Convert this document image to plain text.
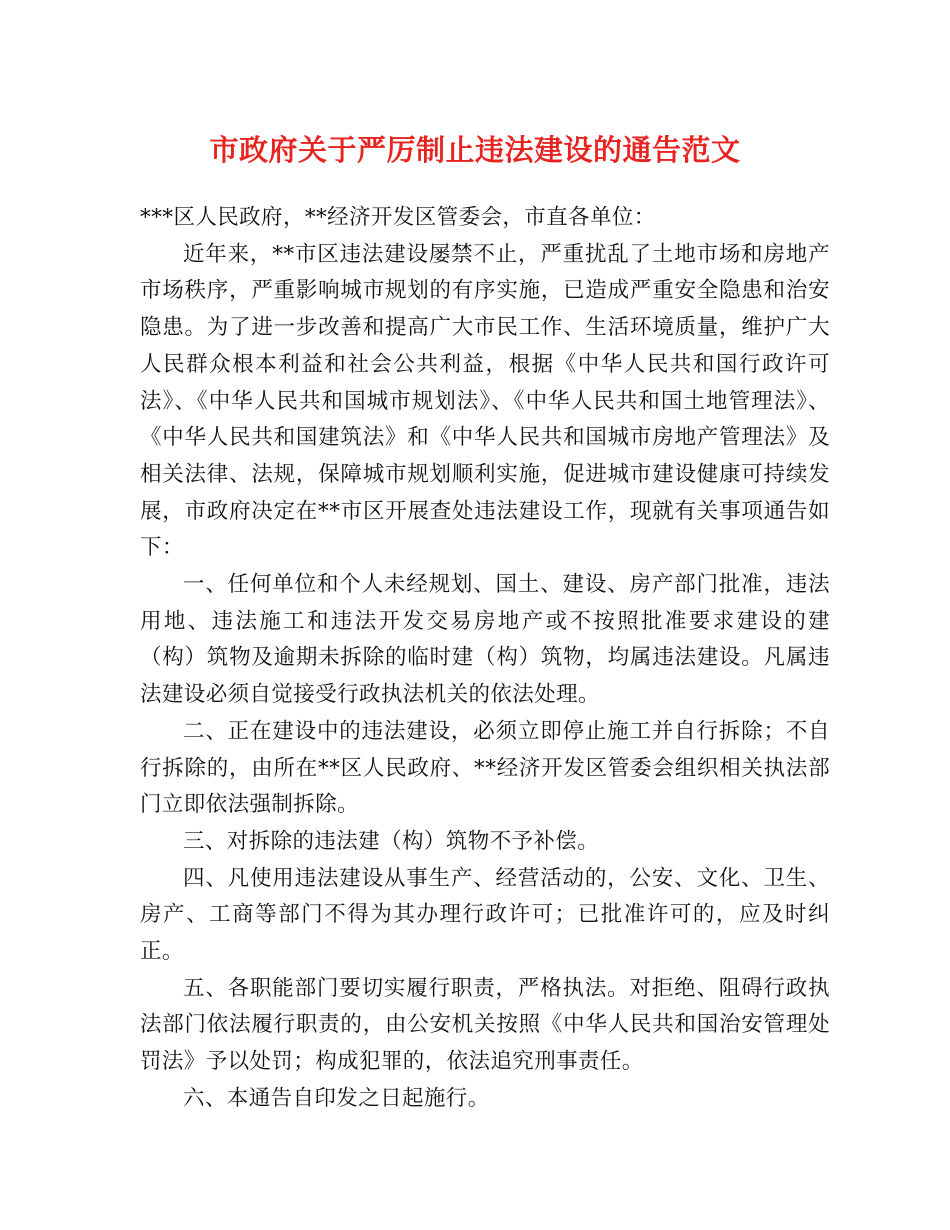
市政府关于严厉制止违法建设的通告范文

***区人民政府，**经济开发区管委会，市直各单位：

近年来，**市区违法建设屡禁不止，严重扰乱了土地市场和房地产市场秩序，严重影响城市规划的有序实施，已造成严重安全隐患和治安隐患。为了进一步改善和提高广大市民工作、生活环境质量，维护广大人民群众根本利益和社会公共利益，根据《中华人民共和国行政许可法》、《中华人民共和国城市规划法》、《中华人民共和国土地管理法》、《中华人民共和国建筑法》和《中华人民共和国城市房地产管理法》及相关法律、法规，保障城市规划顺利实施，促进城市建设健康可持续发展，市政府决定在**市区开展查处违法建设工作，现就有关事项通告如下：

一、任何单位和个人未经规划、国土、建设、房产部门批准，违法用地、违法施工和违法开发交易房地产或不按照批准要求建设的建（构）筑物及逾期未拆除的临时建（构）筑物，均属违法建设。凡属违法建设必须自觉接受行政执法机关的依法处理。

二、正在建设中的违法建设，必须立即停止施工并自行拆除；不自行拆除的，由所在**区人民政府、**经济开发区管委会组织相关执法部门立即依法强制拆除。

三、对拆除的违法建（构）筑物不予补偿。

四、凡使用违法建设从事生产、经营活动的，公安、文化、卫生、房产、工商等部门不得为其办理行政许可；已批准许可的，应及时纠正。

五、各职能部门要切实履行职责，严格执法。对拒绝、阻碍行政执法部门依法履行职责的，由公安机关按照《中华人民共和国治安管理处罚法》予以处罚；构成犯罪的，依法追究刑事责任。

六、本通告自印发之日起施行。
